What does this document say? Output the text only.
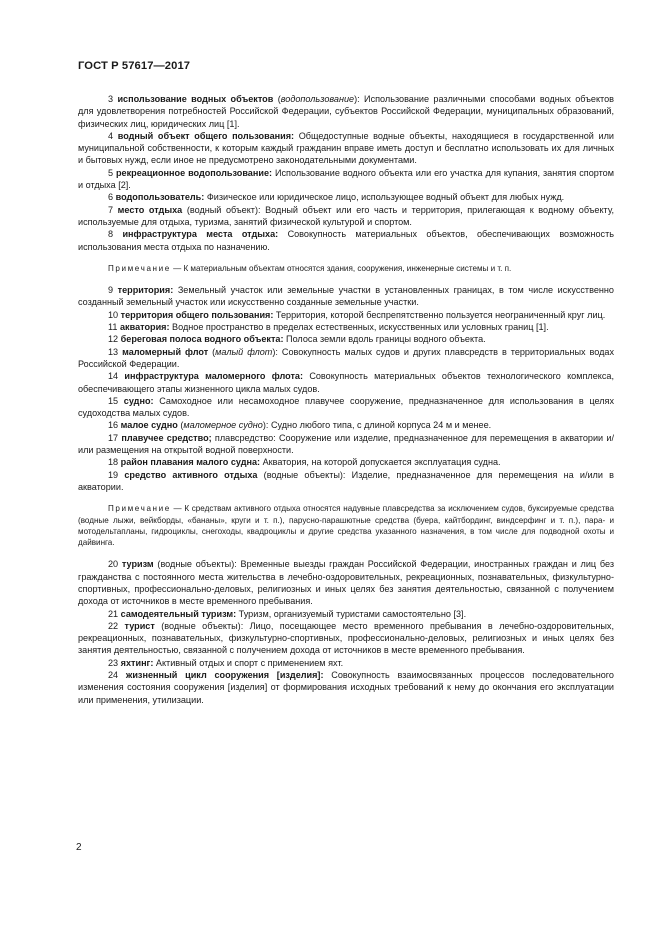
ГОСТ Р 57617—2017

3 использование водных объектов (водопользование): Использование различными способами водных объектов для удовлетворения потребностей Российской Федерации, субъектов Российской Федерации, муниципальных образований, физических лиц, юридических лиц [1].

4 водный объект общего пользования: Общедоступные водные объекты, находящиеся в государственной или муниципальной собственности, к которым каждый гражданин вправе иметь доступ и бесплатно использовать их для личных и бытовых нужд, если иное не предусмотрено законодательными документами.

5 рекреационное водопользование: Использование водного объекта или его участка для купания, занятия спортом и отдыха [2].

6 водопользователь: Физическое или юридическое лицо, использующее водный объект для любых нужд.

7 место отдыха (водный объект): Водный объект или его часть и территория, прилегающая к водному объекту, используемые для отдыха, туризма, занятий физической культурой и спортом.

8 инфраструктура места отдыха: Совокупность материальных объектов, обеспечивающих возможность использования места отдыха по назначению.

Примечание — К материальным объектам относятся здания, сооружения, инженерные системы и т. п.

9 территория: Земельный участок или земельные участки в установленных границах, в том числе искусственно созданный земельный участок или искусственно созданные земельные участки.

10 территория общего пользования: Территория, которой беспрепятственно пользуется неограниченный круг лиц.

11 акватория: Водное пространство в пределах естественных, искусственных или условных границ [1].

12 береговая полоса водного объекта: Полоса земли вдоль границы водного объекта.

13 маломерный флот (малый флот): Совокупность малых судов и других плавсредств в территориальных водах Российской Федерации.

14 инфраструктура маломерного флота: Совокупность материальных объектов технологического комплекса, обеспечивающего этапы жизненного цикла малых судов.

15 судно: Самоходное или несамоходное плавучее сооружение, предназначенное для использования в целях судоходства малых судов.

16 малое судно (маломерное судно): Судно любого типа, с длиной корпуса 24 м и менее.

17 плавучее средство; плавсредство: Сооружение или изделие, предназначенное для перемещения в акватории и/или размещения на открытой водной поверхности.

18 район плавания малого судна: Акватория, на которой допускается эксплуатация судна.

19 средство активного отдыха (водные объекты): Изделие, предназначенное для перемещения на и/или в акватории.

Примечание — К средствам активного отдыха относятся надувные плавсредства за исключением судов, буксируемые средства (водные лыжи, вейкборды, «бананы», круги и т. п.), парусно-парашютные средства (буера, кайтбординг, виндсерфинг и т. п.), пара- и мотодельтапланы, гидроциклы, снегоходы, квадроциклы и другие средства указанного назначения, в том числе для подводной охоты и дайвинга.

20 туризм (водные объекты): Временные выезды граждан Российской Федерации, иностранных граждан и лиц без гражданства с постоянного места жительства в лечебно-оздоровительных, рекреационных, познавательных, физкультурно-спортивных, профессионально-деловых, религиозных и иных целях без занятия деятельностью, связанной с получением дохода от источников в месте временного пребывания.

21 самодеятельный туризм: Туризм, организуемый туристами самостоятельно [3].

22 турист (водные объекты): Лицо, посещающее место временного пребывания в лечебно-оздоровительных, рекреационных, познавательных, физкультурно-спортивных, профессионально-деловых, религиозных и иных целях без занятия деятельностью, связанной с получением дохода от источников в месте временного пребывания.

23 яхтинг: Активный отдых и спорт с применением яхт.

24 жизненный цикл сооружения [изделия]: Совокупность взаимосвязанных процессов последовательного изменения состояния сооружения [изделия] от формирования исходных требований к нему до окончания его эксплуатации или применения, утилизации.

2
